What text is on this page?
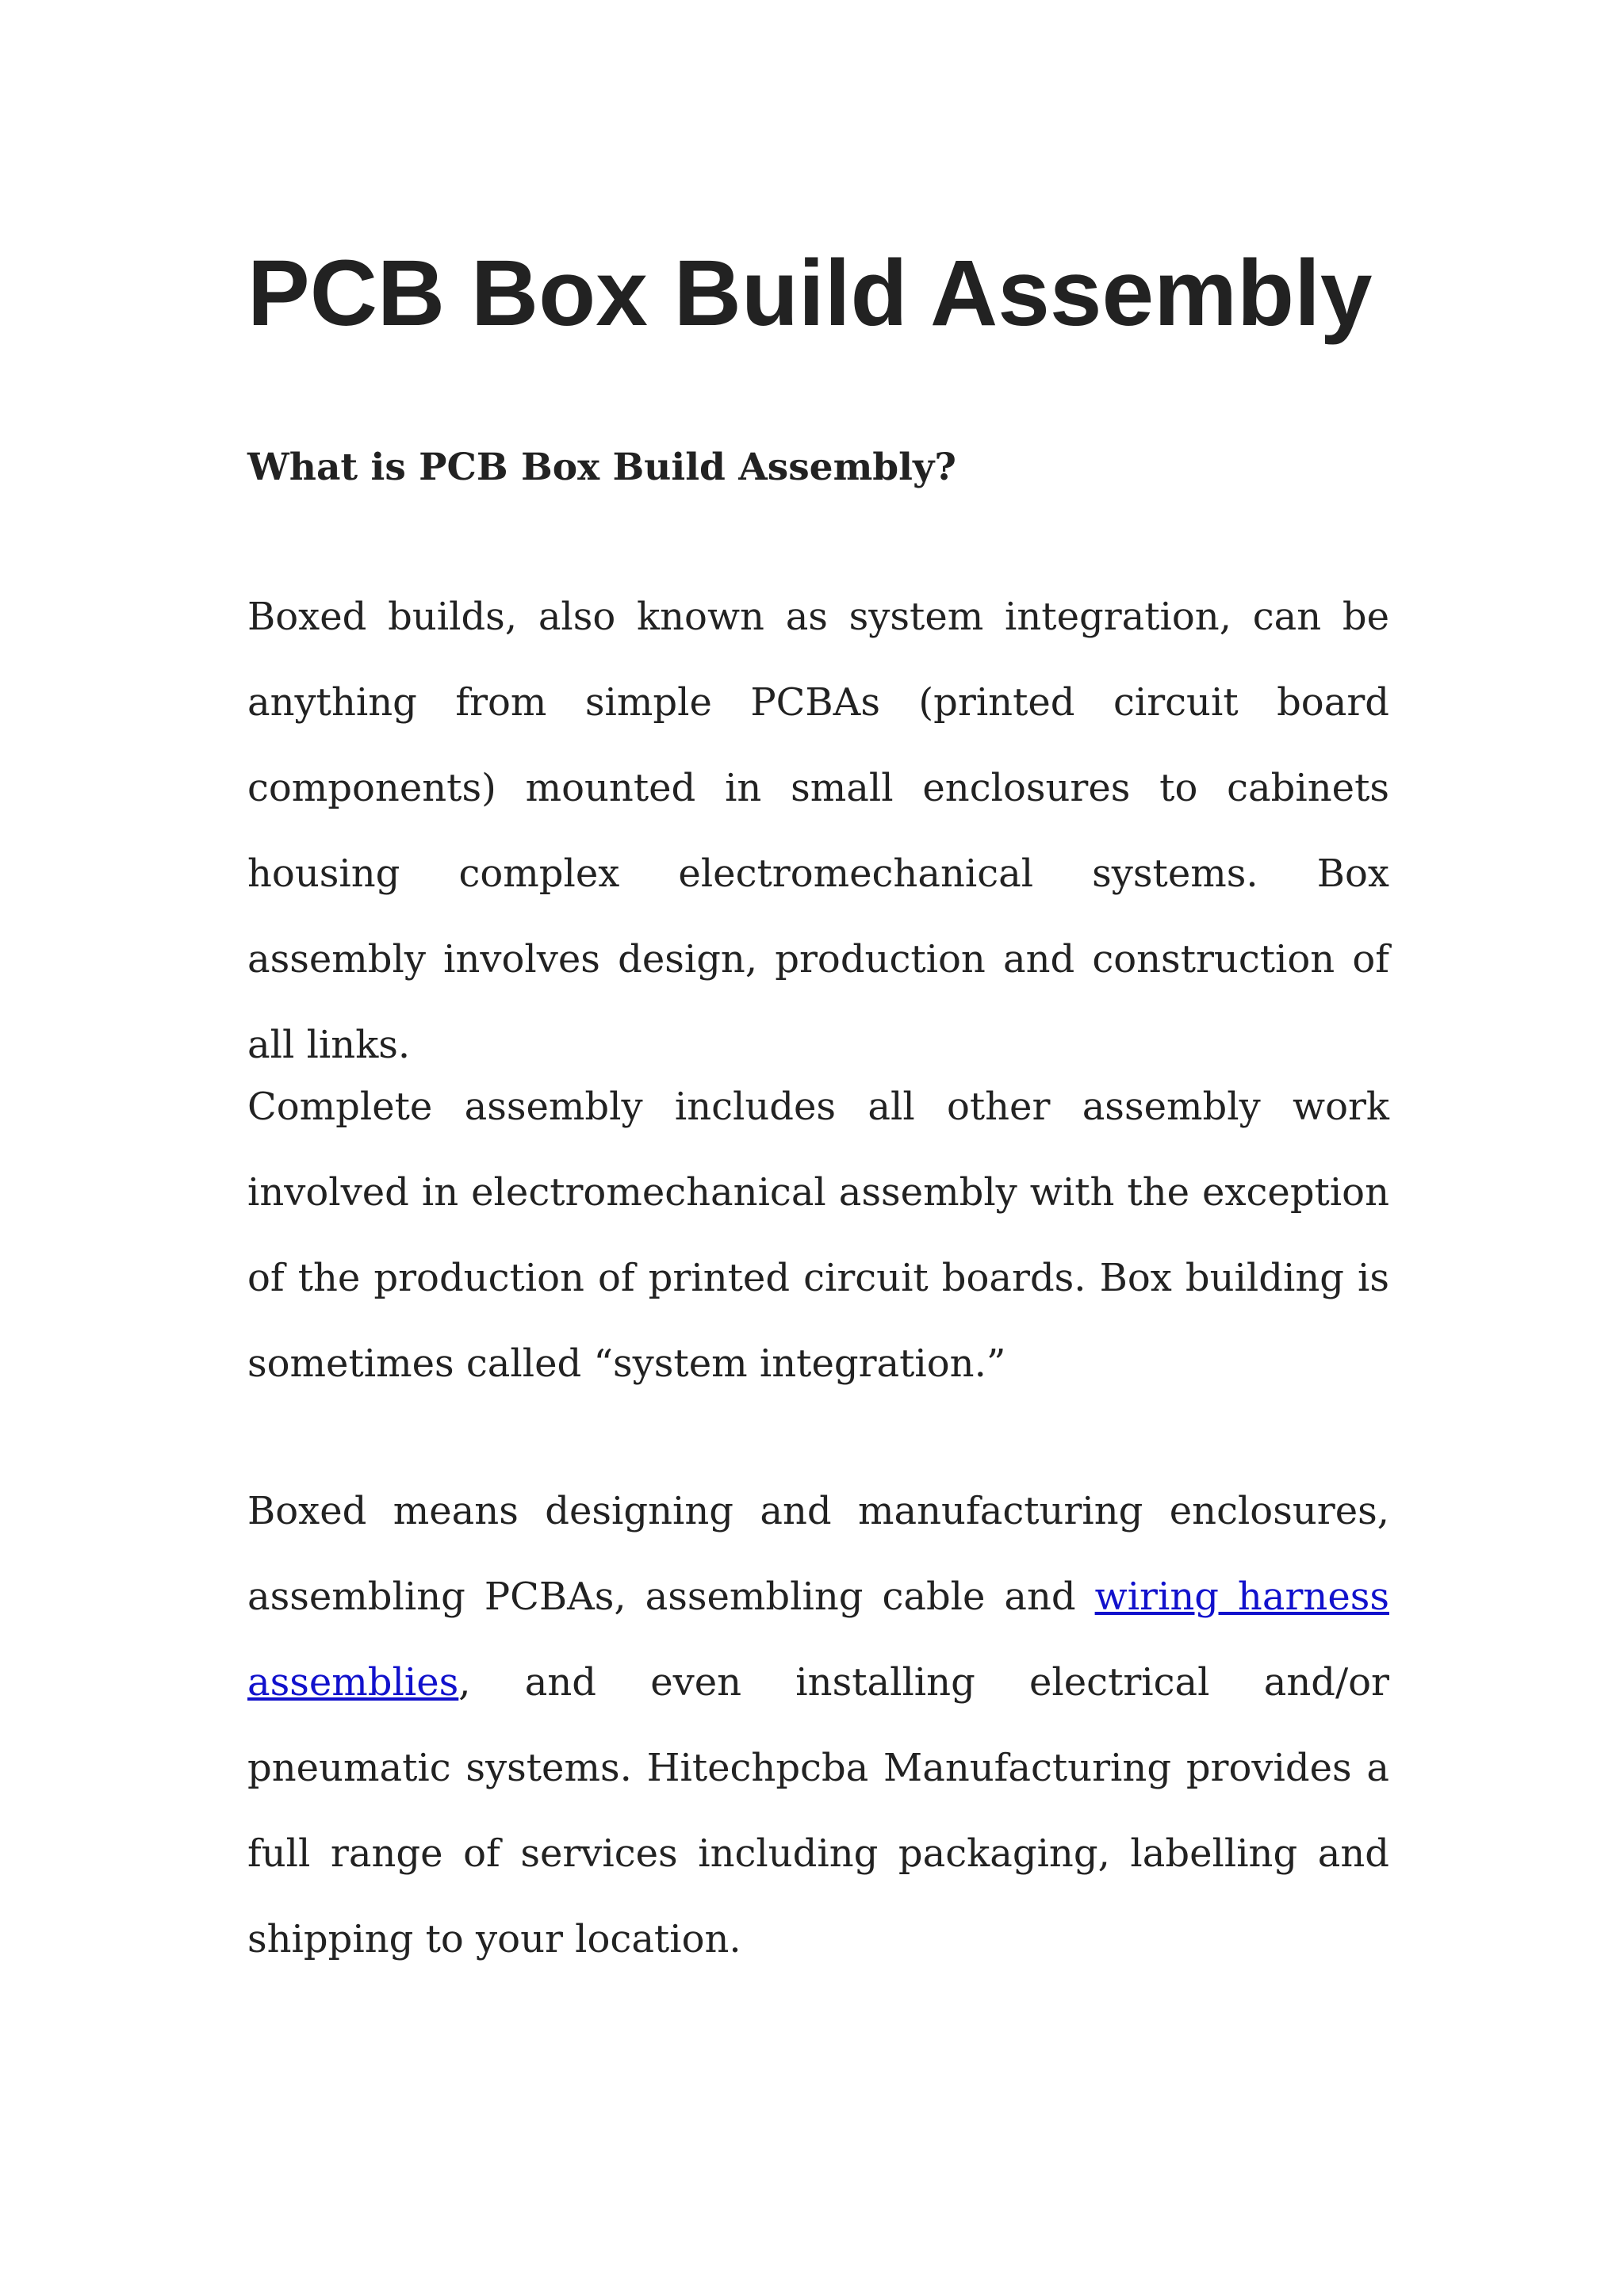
PCB Box Build Assembly
What is PCB Box Build Assembly?

Boxed builds, also known as system integration, can be anything from simple PCBAs (printed circuit board components) mounted in small enclosures to cabinets housing complex electromechanical systems. Box assembly involves design, production and construction of all links.

Complete assembly includes all other assembly work involved in electromechanical assembly with the exception of the production of printed circuit boards. Box building is sometimes called “system integration.”

Boxed means designing and manufacturing enclosures, assembling PCBAs, assembling cable and wiring harness assemblies, and even installing electrical and/or pneumatic systems. Hitechpcba Manufacturing provides a full range of services including packaging, labelling and shipping to your location.
